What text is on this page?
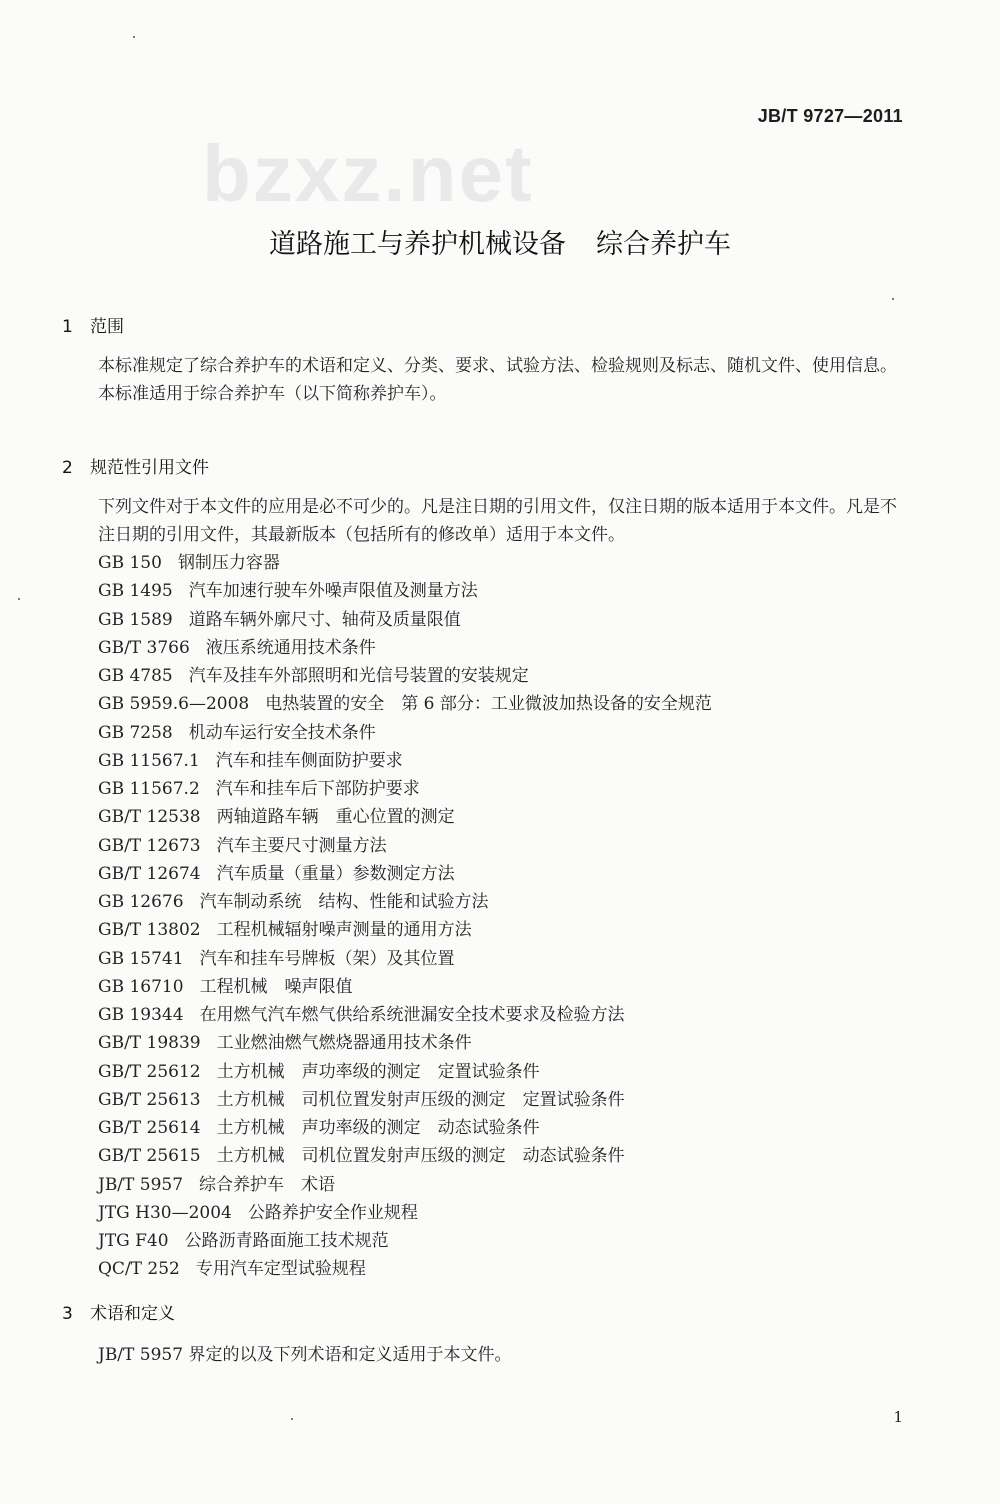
bzxz.net
JB/T 9727—2011
道路施工与养护机械设备 综合养护车
1 范围
本标准规定了综合养护车的术语和定义、分类、要求、试验方法、检验规则及标志、随机文件、使用信息。
本标准适用于综合养护车（以下简称养护车）。
2 规范性引用文件
下列文件对于本文件的应用是必不可少的。凡是注日期的引用文件，仅注日期的版本适用于本文件。凡是不注日期的引用文件，其最新版本（包括所有的修改单）适用于本文件。
GB 150 钢制压力容器
GB 1495 汽车加速行驶车外噪声限值及测量方法
GB 1589 道路车辆外廓尺寸、轴荷及质量限值
GB/T 3766 液压系统通用技术条件
GB 4785 汽车及挂车外部照明和光信号装置的安装规定
GB 5959.6—2008 电热装置的安全　第 6 部分：工业微波加热设备的安全规范
GB 7258 机动车运行安全技术条件
GB 11567.1 汽车和挂车侧面防护要求
GB 11567.2 汽车和挂车后下部防护要求
GB/T 12538 两轴道路车辆　重心位置的测定
GB/T 12673 汽车主要尺寸测量方法
GB/T 12674 汽车质量（重量）参数测定方法
GB 12676 汽车制动系统　结构、性能和试验方法
GB/T 13802 工程机械辐射噪声测量的通用方法
GB 15741 汽车和挂车号牌板（架）及其位置
GB 16710 工程机械　噪声限值
GB 19344 在用燃气汽车燃气供给系统泄漏安全技术要求及检验方法
GB/T 19839 工业燃油燃气燃烧器通用技术条件
GB/T 25612 土方机械　声功率级的测定　定置试验条件
GB/T 25613 土方机械　司机位置发射声压级的测定　定置试验条件
GB/T 25614 土方机械　声功率级的测定　动态试验条件
GB/T 25615 土方机械　司机位置发射声压级的测定　动态试验条件
JB/T 5957 综合养护车　术语
JTG H30—2004 公路养护安全作业规程
JTG F40 公路沥青路面施工技术规范
QC/T 252 专用汽车定型试验规程
3 术语和定义
JB/T 5957 界定的以及下列术语和定义适用于本文件。
1
